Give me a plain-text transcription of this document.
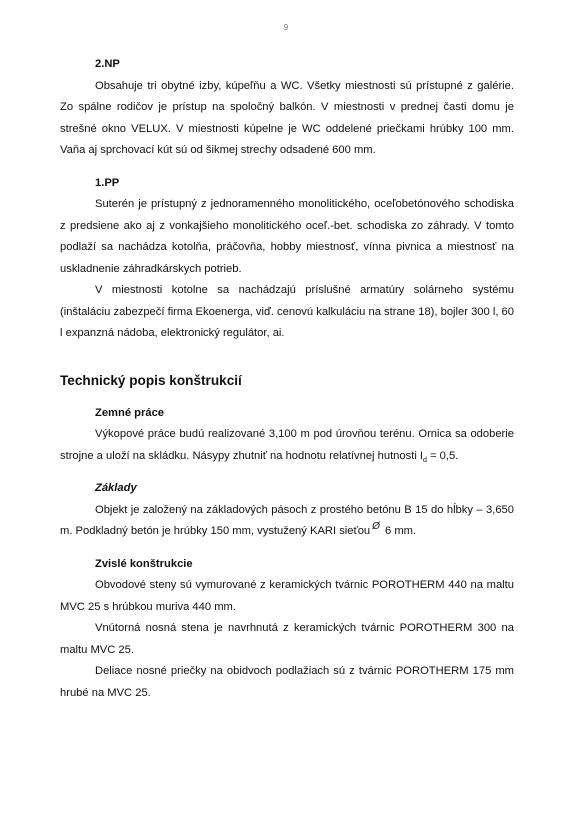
9

2.NP

Obsahuje tri obytné izby, kúpeľňu a WC. Všetky miestnosti sú prístupné z galérie. Zo spálne rodičov je prístup na spoločný balkón. V miestnosti v prednej časti domu je strešné okno VELUX. V miestnosti kúpelne je WC oddelené priečkami hrúbky 100 mm. Vaňa aj sprchovací kút sú od šikmej strechy odsadené 600 mm.

1.PP

Suterén je prístupný z jednoramenného monolitického, oceľobetónového schodiska z predsiene ako aj z vonkajšieho monolitického oceľ.-bet. schodiska zo záhrady. V tomto podlaží sa nachádza kotolňa, práčovňa, hobby miestnosť, vínna pivnica a miestnosť na uskladnenie záhradkárskych potrieb.

V miestnosti kotolne sa nachádzajú príslušné armatúry solárneho systému (inštaláciu zabezpečí firma Ekoenerga, viď. cenovú kalkuláciu na strane 18), bojler 300 l, 60 l expanzná nádoba, elektronický regulátor, ai.

Technický popis konštrukcií

Zemné práce

Výkopové práce budú realizované 3,100 m pod úrovňou terénu. Ornica sa odoberie strojne a uloží na skládku. Násypy zhutniť na hodnotu relatívnej hutnosti $I_d = 0,5$.

Základy

Objekt je založený na základových pásoch z prostého betónu B 15 do hĺbky – 3,650 m. Podkladný betón je hrúbky 150 mm, vystužený KARI sieťou Ø 6 mm.

Zvislé konštrukcie

Obvodové steny sú vymurované z keramických tvárnic POROTHERM 440 na maltu MVC 25 s hrúbkou muriva 440 mm.

Vnútorná nosná stena je navrhnutá z keramických tvárnic POROTHERM 300 na maltu MVC 25.

Deliace nosné priečky na obidvoch podlažiach sú z tvárnic POROTHERM 175 mm hrubé na MVC 25.
